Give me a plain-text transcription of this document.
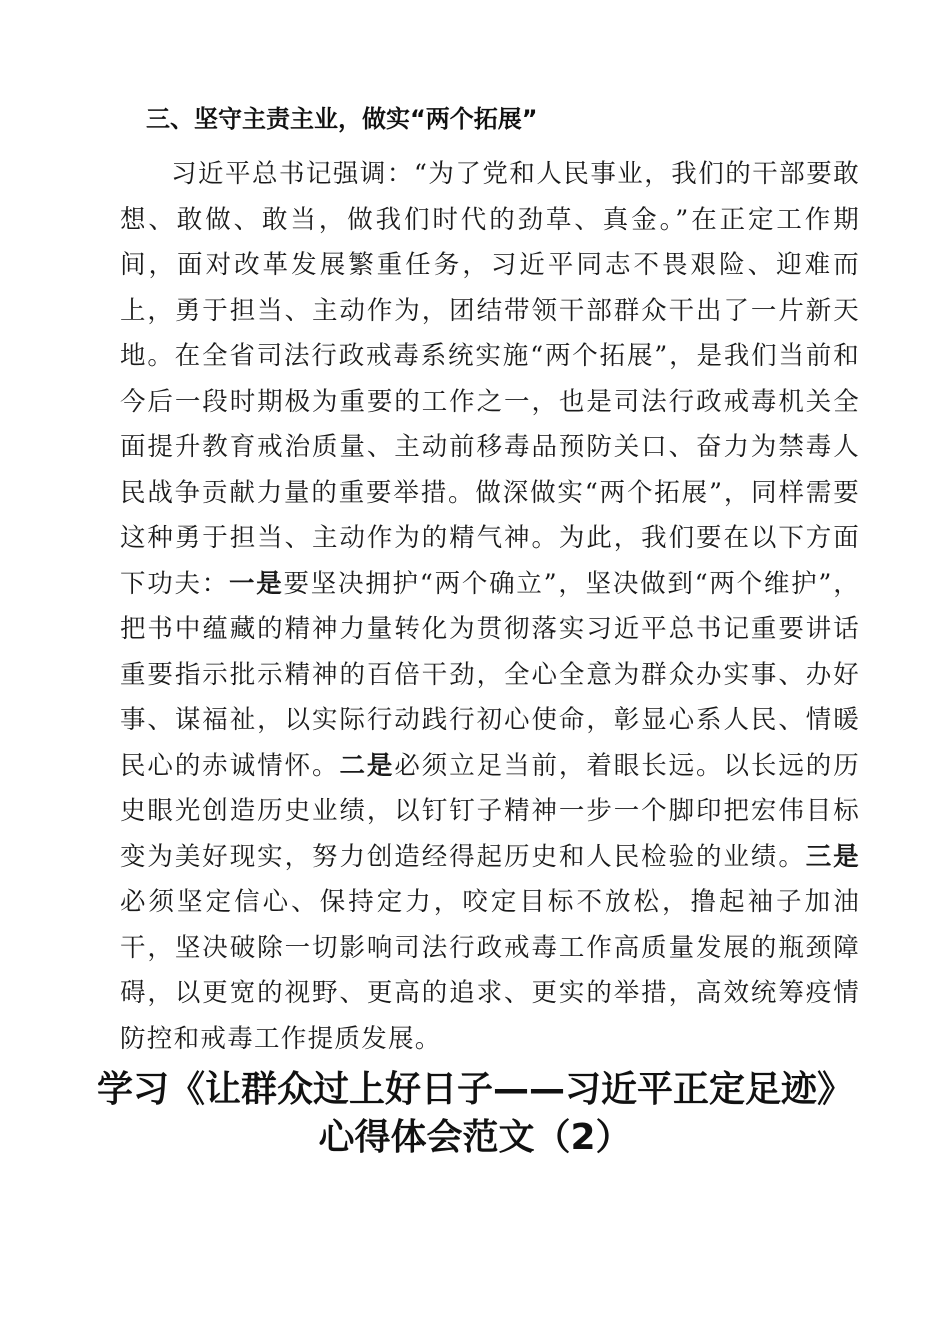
三、坚守主责主业，做实“两个拓展”

习近平总书记强调：“为了党和人民事业，我们的干部要敢想、敢做、敢当，做我们时代的劲草、真金。”在正定工作期间，面对改革发展繁重任务，习近平同志不畏艰险、迎难而上，勇于担当、主动作为，团结带领干部群众干出了一片新天地。在全省司法行政戒毒系统实施“两个拓展”，是我们当前和今后一段时期极为重要的工作之一，也是司法行政戒毒机关全面提升教育戒治质量、主动前移毒品预防关口、奋力为禁毒人民战争贡献力量的重要举措。做深做实“两个拓展”，同样需要这种勇于担当、主动作为的精气神。为此，我们要在以下方面下功夫：一是要坚决拥护“两个确立”，坚决做到“两个维护”，把书中蕴藏的精神力量转化为贯彻落实习近平总书记重要讲话重要指示批示精神的百倍干劲，全心全意为群众办实事、办好事、谋福祉，以实际行动践行初心使命，彰显心系人民、情暖民心的赤诚情怀。二是必须立足当前，着眼长远。以长远的历史眼光创造历史业绩，以钉钉子精神一步一个脚印把宏伟目标变为美好现实，努力创造经得起历史和人民检验的业绩。三是必须坚定信心、保持定力，咬定目标不放松，撸起袖子加油干，坚决破除一切影响司法行政戒毒工作高质量发展的瓶颈障碍，以更宽的视野、更高的追求、更实的举措，高效统筹疫情防控和戒毒工作提质发展。

学习《让群众过上好日子——习近平正定足迹》
心得体会范文（2）
